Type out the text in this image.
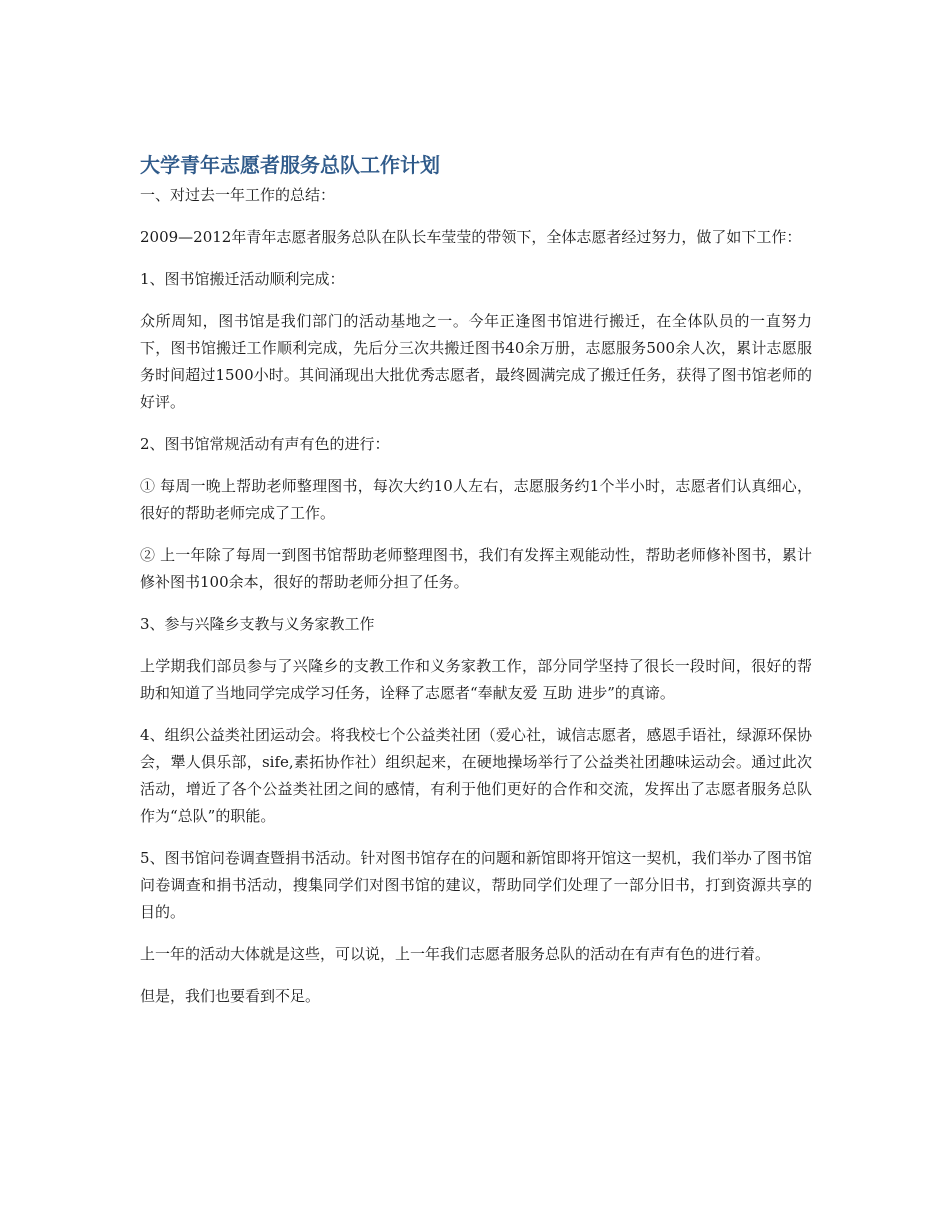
大学青年志愿者服务总队工作计划

一、对过去一年工作的总结：

2009—2012年青年志愿者服务总队在队长车莹莹的带领下，全体志愿者经过努力，做了如下工作：

1、图书馆搬迁活动顺利完成：

众所周知，图书馆是我们部门的活动基地之一。今年正逢图书馆进行搬迁，在全体队员的一直努力下，图书馆搬迁工作顺利完成，先后分三次共搬迁图书40余万册，志愿服务500余人次，累计志愿服务时间超过1500小时。其间涌现出大批优秀志愿者，最终圆满完成了搬迁任务，获得了图书馆老师的好评。

2、图书馆常规活动有声有色的进行：

① 每周一晚上帮助老师整理图书，每次大约10人左右，志愿服务约1个半小时，志愿者们认真细心，很好的帮助老师完成了工作。

② 上一年除了每周一到图书馆帮助老师整理图书，我们有发挥主观能动性，帮助老师修补图书，累计修补图书100余本，很好的帮助老师分担了任务。

3、参与兴隆乡支教与义务家教工作

上学期我们部员参与了兴隆乡的支教工作和义务家教工作，部分同学坚持了很长一段时间，很好的帮助和知道了当地同学完成学习任务，诠释了志愿者“奉献友爱 互助 进步”的真谛。

4、组织公益类社团运动会。将我校七个公益类社团（爱心社，诚信志愿者，感恩手语社，绿源环保协会，犟人俱乐部，sife,素拓协作社）组织起来，在硬地操场举行了公益类社团趣味运动会。通过此次活动，增近了各个公益类社团之间的感情，有利于他们更好的合作和交流，发挥出了志愿者服务总队作为“总队”的职能。

5、图书馆问卷调查暨捐书活动。针对图书馆存在的问题和新馆即将开馆这一契机，我们举办了图书馆问卷调查和捐书活动，搜集同学们对图书馆的建议，帮助同学们处理了一部分旧书，打到资源共享的目的。

上一年的活动大体就是这些，可以说，上一年我们志愿者服务总队的活动在有声有色的进行着。

但是，我们也要看到不足。
